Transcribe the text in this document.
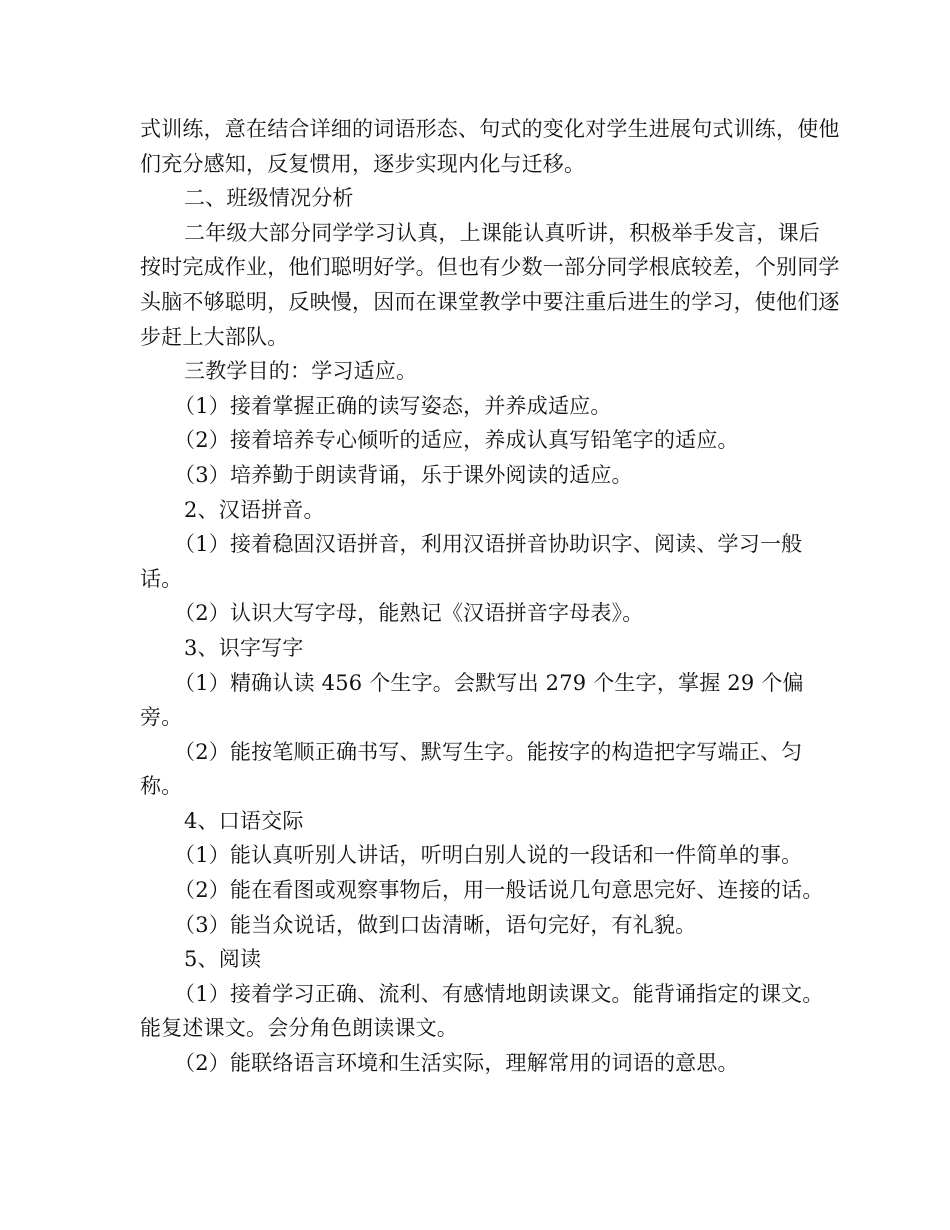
式训练，意在结合详细的词语形态、句式的变化对学生进展句式训练，使他们充分感知，反复惯用，逐步实现内化与迁移。

二、班级情况分析

二年级大部分同学学习认真，上课能认真听讲，积极举手发言，课后按时完成作业，他们聪明好学。但也有少数一部分同学根底较差，个别同学头脑不够聪明，反映慢，因而在课堂教学中要注重后进生的学习，使他们逐步赶上大部队。

三教学目的：学习适应。

（1）接着掌握正确的读写姿态，并养成适应。

（2）接着培养专心倾听的适应，养成认真写铅笔字的适应。

（3）培养勤于朗读背诵，乐于课外阅读的适应。

2、汉语拼音。

（1）接着稳固汉语拼音，利用汉语拼音协助识字、阅读、学习一般话。

（2）认识大写字母，能熟记《汉语拼音字母表》。

3、识字写字

（1）精确认读 456 个生字。会默写出 279 个生字，掌握 29 个偏旁。

（2）能按笔顺正确书写、默写生字。能按字的构造把字写端正、匀称。

4、口语交际

（1）能认真听别人讲话，听明白别人说的一段话和一件简单的事。

（2）能在看图或观察事物后，用一般话说几句意思完好、连接的话。

（3）能当众说话，做到口齿清晰，语句完好，有礼貌。

5、阅读

（1）接着学习正确、流利、有感情地朗读课文。能背诵指定的课文。能复述课文。会分角色朗读课文。

（2）能联络语言环境和生活实际，理解常用的词语的意思。
